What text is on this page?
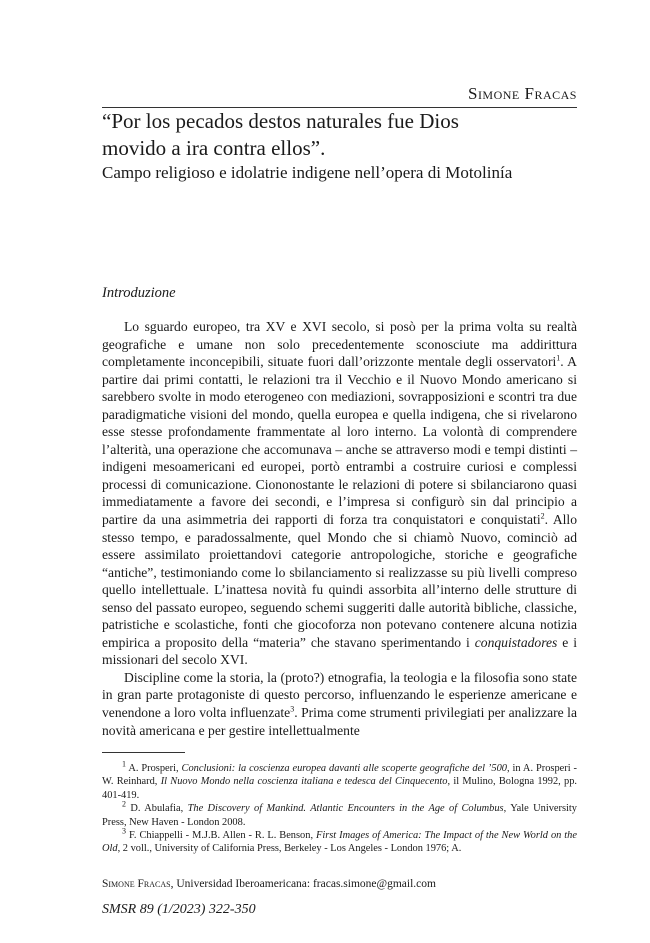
Simone Fracas
“Por los pecados destos naturales fue Dios
movido a ira contra ellos”.
Campo religioso e idolatrie indigene nell’opera di Motolinía
Introduzione

Lo sguardo europeo, tra XV e XVI secolo, si posò per la prima volta su realtà geografiche e umane non solo precedentemente sconosciute ma addirittura completamente inconcepibili, situate fuori dall’orizzonte mentale degli osservatori$^1$. A partire dai primi contatti, le relazioni tra il Vecchio e il Nuovo Mondo americano si sarebbero svolte in modo eterogeneo con mediazioni, sovrapposizioni e scontri tra due paradigmatiche visioni del mondo, quella europea e quella indigena, che si rivelarono esse stesse profondamente frammentate al loro interno. La volontà di comprendere l’alterità, una operazione che accomunava – anche se attraverso modi e tempi distinti – indigeni mesoamericani ed europei, portò entrambi a costruire curiosi e complessi processi di comunicazione. Ciononostante le relazioni di potere si sbilanciarono quasi immediatamente a favore dei secondi, e l’impresa si configurò sin dal principio a partire da una asimmetria dei rapporti di forza tra conquistatori e conquistati$^2$. Allo stesso tempo, e paradossalmente, quel Mondo che si chiamò Nuovo, cominciò ad essere assimilato proiettandovi categorie antropologiche, storiche e geografiche “antiche”, testimoniando come lo sbilanciamento si realizzasse su più livelli compreso quello intellettuale. L’inattesa novità fu quindi assorbita all’interno delle strutture di senso del passato europeo, seguendo schemi suggeriti dalle autorità bibliche, classiche, patristiche e scolastiche, fonti che giocoforza non potevano contenere alcuna notizia empirica a proposito della “materia” che stavano sperimentando i conquistadores e i missionari del secolo XVI.

Discipline come la storia, la (proto?) etnografia, la teologia e la filosofia sono state in gran parte protagoniste di questo percorso, influenzando le esperienze americane e venendone a loro volta influenzate$^3$. Prima come strumenti privilegiati per analizzare la novità americana e per gestire intellettualmente

$^1$ A. Prosperi, Conclusioni: la coscienza europea davanti alle scoperte geografiche del ’500, in A. Prosperi - W. Reinhard, Il Nuovo Mondo nella coscienza italiana e tedesca del Cinquecento, il Mulino, Bologna 1992, pp. 401-419.

$^2$ D. Abulafia, The Discovery of Mankind. Atlantic Encounters in the Age of Columbus, Yale University Press, New Haven - London 2008.

$^3$ F. Chiappelli - M.J.B. Allen - R. L. Benson, First Images of America: The Impact of the New World on the Old, 2 voll., University of California Press, Berkeley - Los Angeles - London 1976; A.

Simone Fracas, Universidad Iberoamericana: fracas.simone@gmail.com
SMSR 89 (1/2023) 322-350
